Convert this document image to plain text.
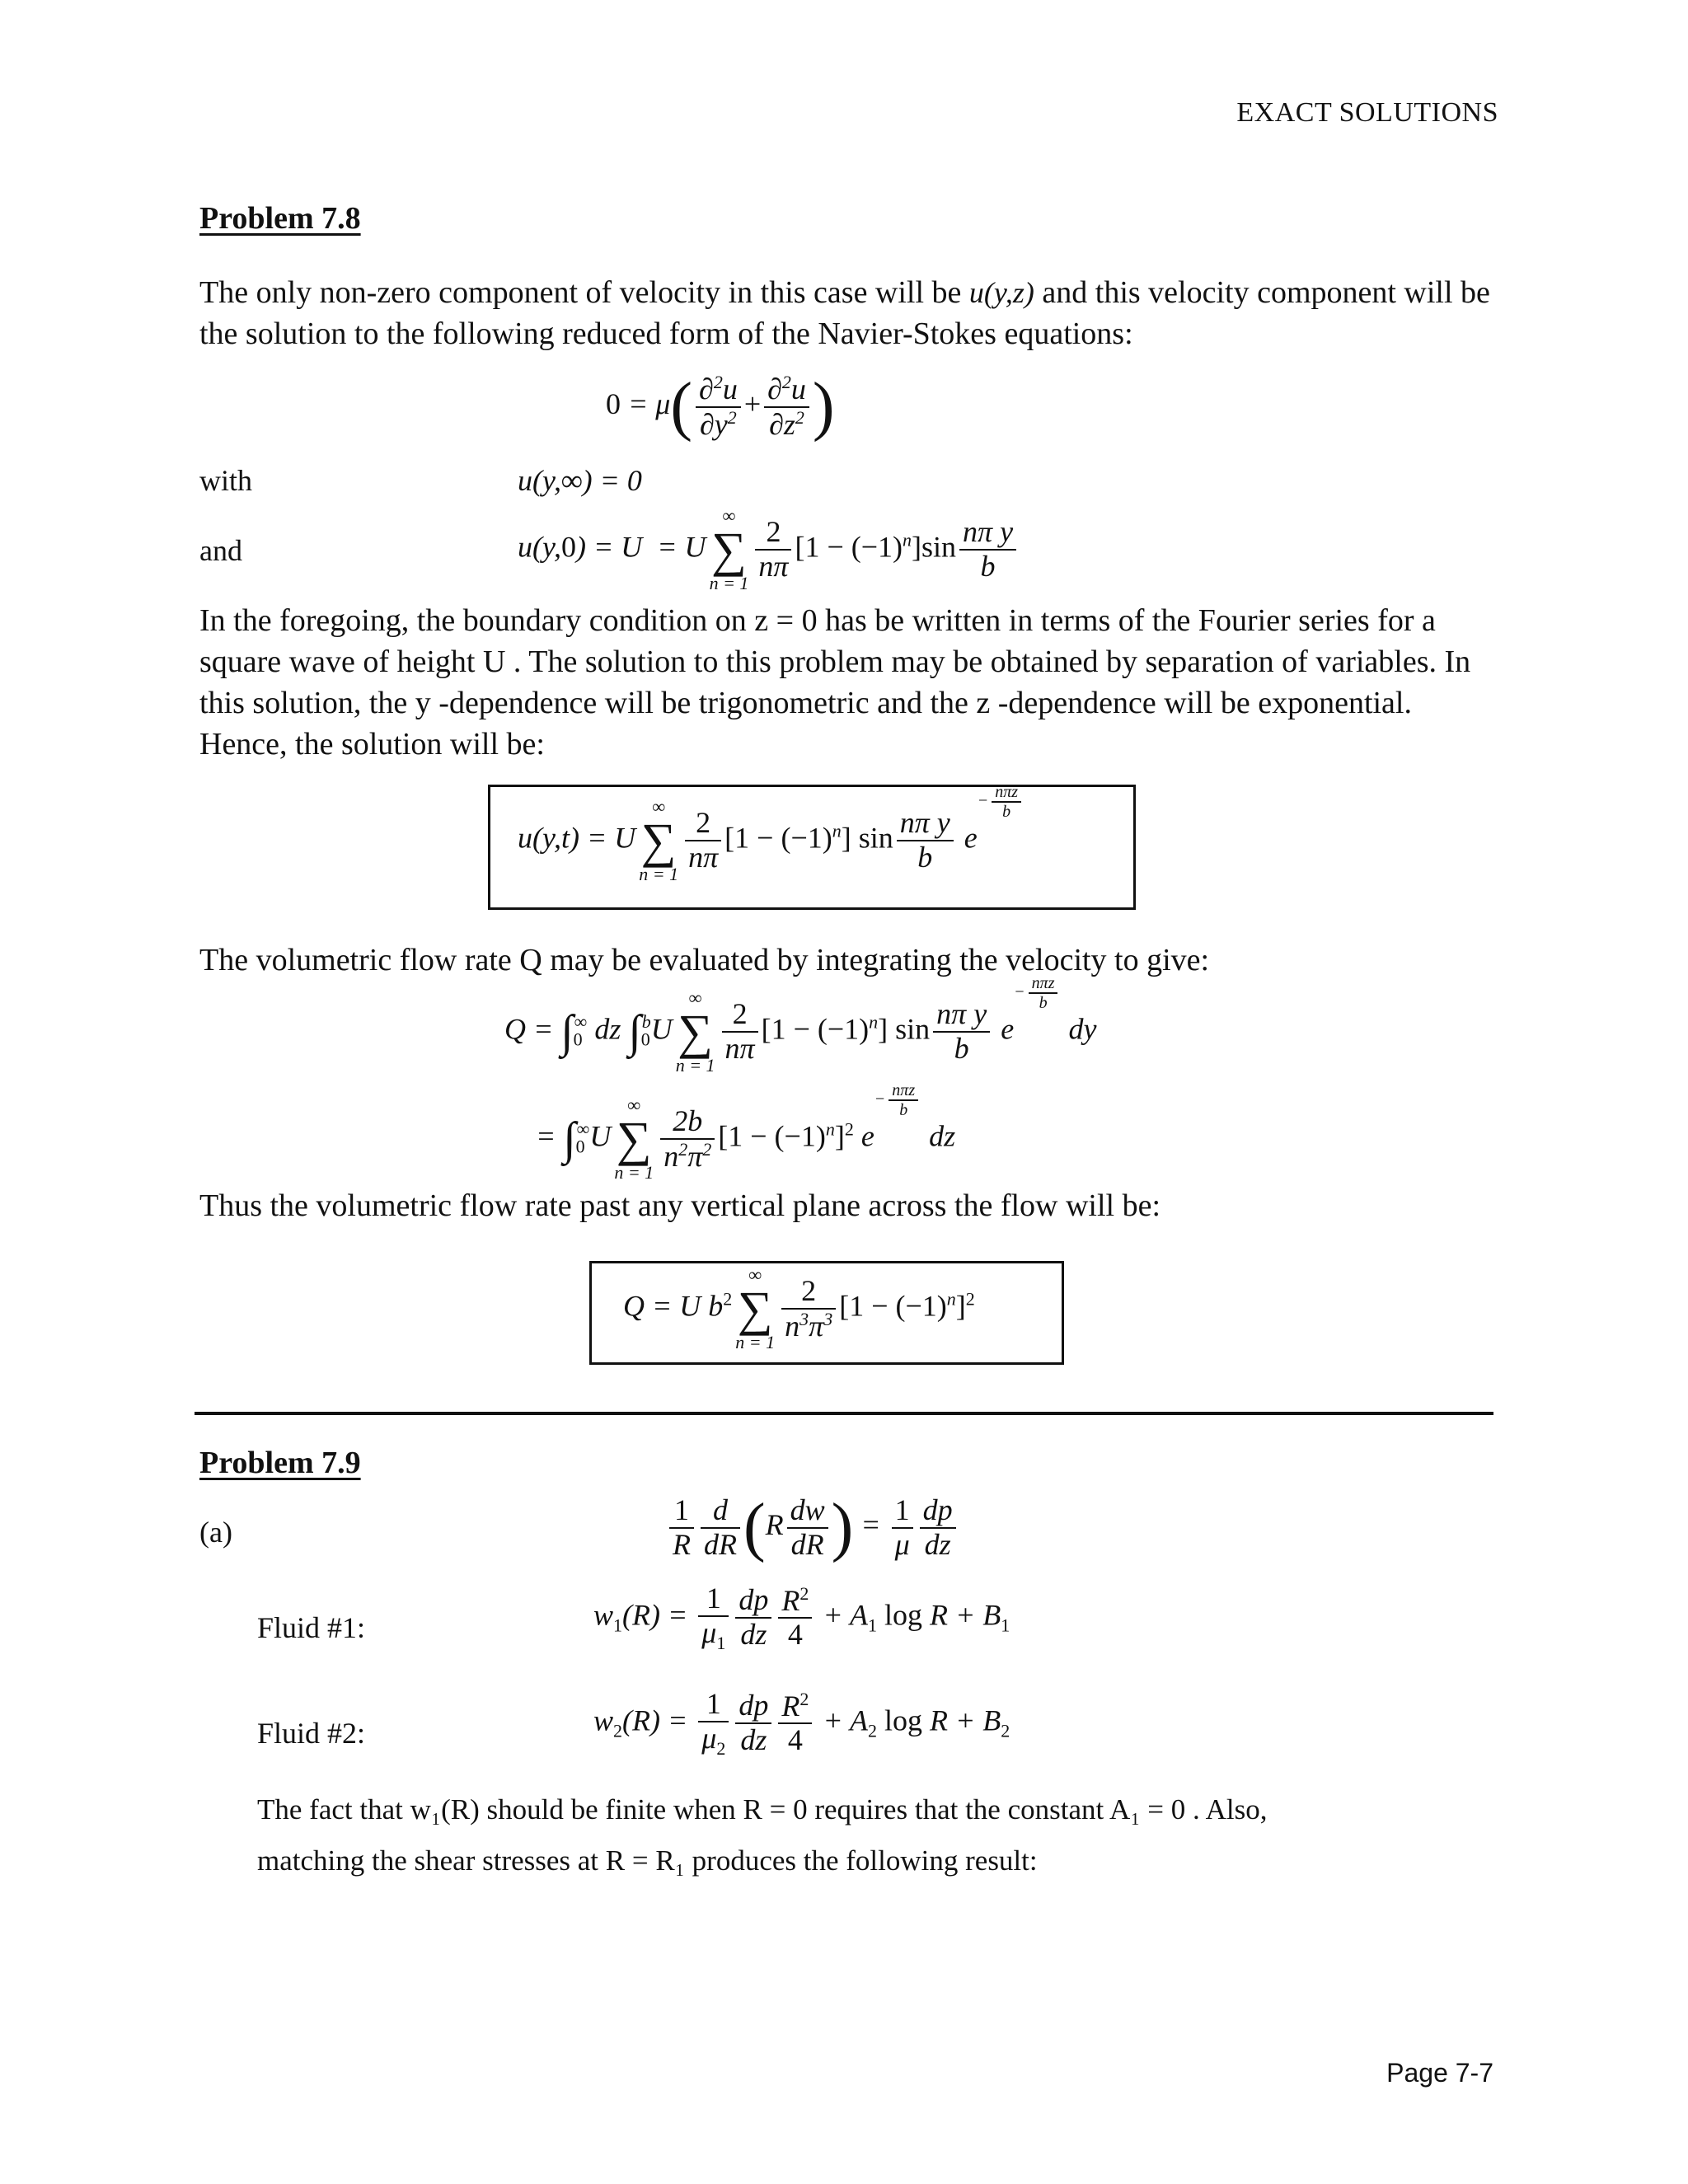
EXACT SOLUTIONS
Problem 7.8
The only non-zero component of velocity in this case will be u(y,z) and this velocity component will be the solution to the following reduced form of the Navier-Stokes equations:
$0 = \mu( \frac{\partial^2u}{\partial y^2} + \frac{\partial^2u}{\partial z^2}$ )
with	u(y,∞) = 0
and	u(y,0) = U  = U
∞
∑
$n = 1 \frac{2}{n\pi} [1 - (-1)^n]\sin \frac{\text{nπ y}}{b}$
In the foregoing, the boundary condition on z = 0 has be written in terms of the Fourier series for a square wave of height U . The solution to this problem may be obtained by separation of variables. In this solution, the y -dependence will be trigonometric and the z -dependence will be exponential. Hence, the solution will be:
u(y,t) = U
∞
∑
$n = 1 \frac{2}{n\pi} [1 - (-1)^n]$ $\sin \frac{\text{nπ y}}{b} e- \frac{\text{nπz}}{b}$
The volumetric flow rate Q may be evaluated by integrating the velocity to give:
$Q = \int_0^\infty$ dz $\int_0^bU$
∞
∑
$n = 1 \frac{2}{n\pi} [1 - (-1)^n]$ $\sin \frac{\text{nπ y}}{b} e- \frac{\text{nπz}}{b}$
dy
= $\int_0^\infty U$
∞
∑
$n = 1 \frac{2b}{n^2\pi^2} [1 - (-1)^n]^2$ $e- \frac{\text{nπz}}{b}$
dz
Thus the volumetric flow rate past any vertical plane across the flow will be:
Q = U $b^2$
∞
∑
$n = 1 \frac{2}{n^3\pi^3} [1 - (-1)^n]^2$
Problem 7.9
(a)	$\frac{1}{R} \frac{d}{dR} (R \frac{dw}{dR}$ ) = $\frac{1}{\mu} \frac{dp}{dz}$
Fluid #1:	$w_1(R) = \frac{1}{\mu_1} \frac{dp}{dz} \frac{R^2}{4} + A_1$ $\log R + B_1$
Fluid #2:	$w_2(R) = \frac{1}{\mu_2} \frac{dp}{dz} \frac{R^2}{4} + A_2$ $\log R + B_2$
The fact that w₁(R) should be finite when R = 0 requires that the constant A₁ = 0 . Also,
matching the shear stresses at R = R₁ produces the following result:
Page 7-7
